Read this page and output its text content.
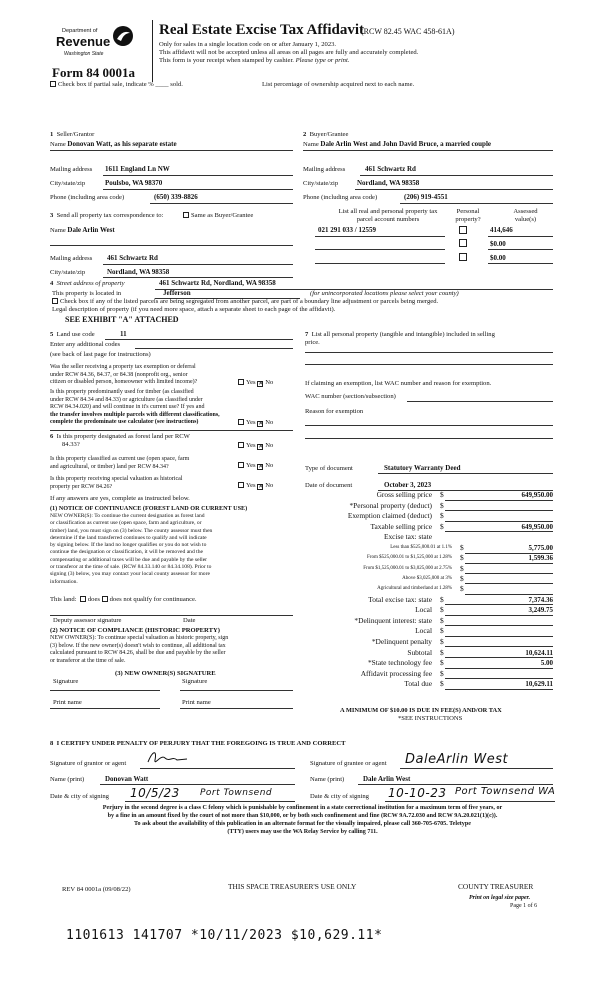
Department of
Revenue
Washington State
Real Estate Excise Tax Affidavit
(RCW 82.45 WAC 458-61A)
Only for sales in a single location code on or after January 1, 2023.
This affidavit will not be accepted unless all areas on all pages are fully and accurately completed.
This form is your receipt when stamped by cashier. Please type or print.
Form 84 0001a
Check box if partial sale, indicate % ____ sold.	List percentage of ownership acquired next to each name.
1 Seller/Grantor
Name Donovan Watt, as his separate estate
2 Buyer/Grantee
Name Dale Arlin West and John David Bruce, a married couple
Mailing address 1611 England Ln NW
City/state/zip	Poulsbo, WA 98370
Phone (including area code)	(650) 339-8826
Mailing address	461 Schwartz Rd
City/state/zip	Nordland, WA 98358
Phone (including area code)	(206) 919-4551
3 Send all property tax correspondence to:	Same as Buyer/Grantee
Name Dale Arlin West
Mailing address 461 Schwartz Rd
City/state/zip	Nordland, WA 98358
List all real and personal property tax
parcel account numbers
Personal
property?
Assessed
value(s)
021 291 033 / 12559	414,646
$0.00
$0.00
4 Street address of property	461 Schwartz Rd, Nordland, WA 98358
This property is located in	Jefferson	(for unincorporated locations please select your county)
Check box if any of the listed parcels are being segregated from another parcel, are part of a boundary line adjustment or parcels being merged.
Legal description of property (if you need more space, attach a separate sheet to each page of the affidavit).
SEE EXHIBIT "A" ATTACHED
5 Land use code	11
Enter any additional codes
(see back of last page for instructions)
Was the seller receiving a property tax exemption or deferral
under RCW 84.36, 84.37, or 84.38 (nonprofit org., senior
citizen or disabled person, homeowner with limited income)?	Yes ✕ No
Is this property predominantly used for timber (as classified
under RCW 84.34 and 84.33) or agriculture (as classified under
RCW 84.34.020) and will continue in it's current use? If yes and
the transfer involves multiple parcels with different classifications,
complete the predominate use calculator (see instructions)	Yes ✕ No
6 Is this property designated as forest land per RCW
84.33?	Yes ✕ No
Is this property classified as current use (open space, farm
and agricultural, or timber) land per RCW 84.34?	Yes ✕ No
Is this property receiving special valuation as historical
property per RCW 84.26?	Yes ✕ No
If any answers are yes, complete as instructed below.
(1) NOTICE OF CONTINUANCE (FOREST LAND OR CURRENT USE)
NEW OWNER(S): To continue the current designation as forest land
or classification as current use (open space, farm and agriculture, or
timber) land, you must sign on (3) below. The county assessor must then
determine if the land transferred continues to qualify and will indicate
by signing below. If the land no longer qualifies or you do not wish to
continue the designation or classification, it will be removed and the
compensating or additional taxes will be due and payable by the seller
or transferor at the time of sale. (RCW 84.33.140 or 84.34.108). Prior to
signing (3) below, you may contact your local county assessor for more
information.
This land: does does not qualify for continuance.
Deputy assessor signature	Date
(2) NOTICE OF COMPLIANCE (HISTORIC PROPERTY)
NEW OWNER(S): To continue special valuation as historic property, sign
(3) below. If the new owner(s) doesn't wish to continue, all additional tax
calculated pursuant to RCW 84.26, shall be due and payable by the seller
or transferor at the time of sale.
(3) NEW OWNER(S) SIGNATURE
Signature	Signature
Print name	Print name
7 List all personal property (tangible and intangible) included in selling
price.
If claiming an exemption, list WAC number and reason for exemption.
WAC number (section/subsection)
Reason for exemption
Type of document	Statutory Warranty Deed
Date of document	October 3, 2023
Gross selling price $	649,950.00
*Personal property (deduct) $
Exemption claimed (deduct) $
Taxable selling price $	649,950.00
Excise tax: state
Less than $525,000.01 at 1.1% $	5,775.00
From $525,000.01 to $1,525,000 at 1.28% $	1,599.36
From $1,525,000.01 to $3,025,000 at 2.75% $
Above $3,025,000 at 3% $
Agricultural and timberland at 1.28% $
Total excise tax: state $	7,374.36
Local $	3,249.75
*Delinquent interest: state $
Local $
*Delinquent penalty $
Subtotal $	10,624.11
*State technology fee $	5.00
Affidavit processing fee $
Total due $	10,629.11
A MINIMUM OF $10.00 IS DUE IN FEE(S) AND/OR TAX
*SEE INSTRUCTIONS
8 I CERTIFY UNDER PENALTY OF PERJURY THAT THE FOREGOING IS TRUE AND CORRECT
Signature of grantor or agent	Signature of grantee or agent DaleArlin West
Name (print)	Donovan Watt	Name (print)	Dale Arlin West
Date & city of signing 10/5/23 Port Townsend	Date & city of signing 10-10-23 Port Townsend WA
Perjury in the second degree is a class C felony which is punishable by confinement in a state correctional institution for a maximum term of five years, or
by a fine in an amount fixed by the court of not more than $10,000, or by both such confinement and fine (RCW 9A.72.030 and RCW 9A.20.021(1)(c)).
To ask about the availability of this publication in an alternate format for the visually impaired, please call 360-705-6705. Teletype
(TTY) users may use the WA Relay Service by calling 711.
REV 84 0001a (09/08/22)	THIS SPACE TREASURER'S USE ONLY	COUNTY TREASURER
Print on legal size paper.
Page 1 of 6
1101613 141707 *10/11/2023 $10,629.11*
